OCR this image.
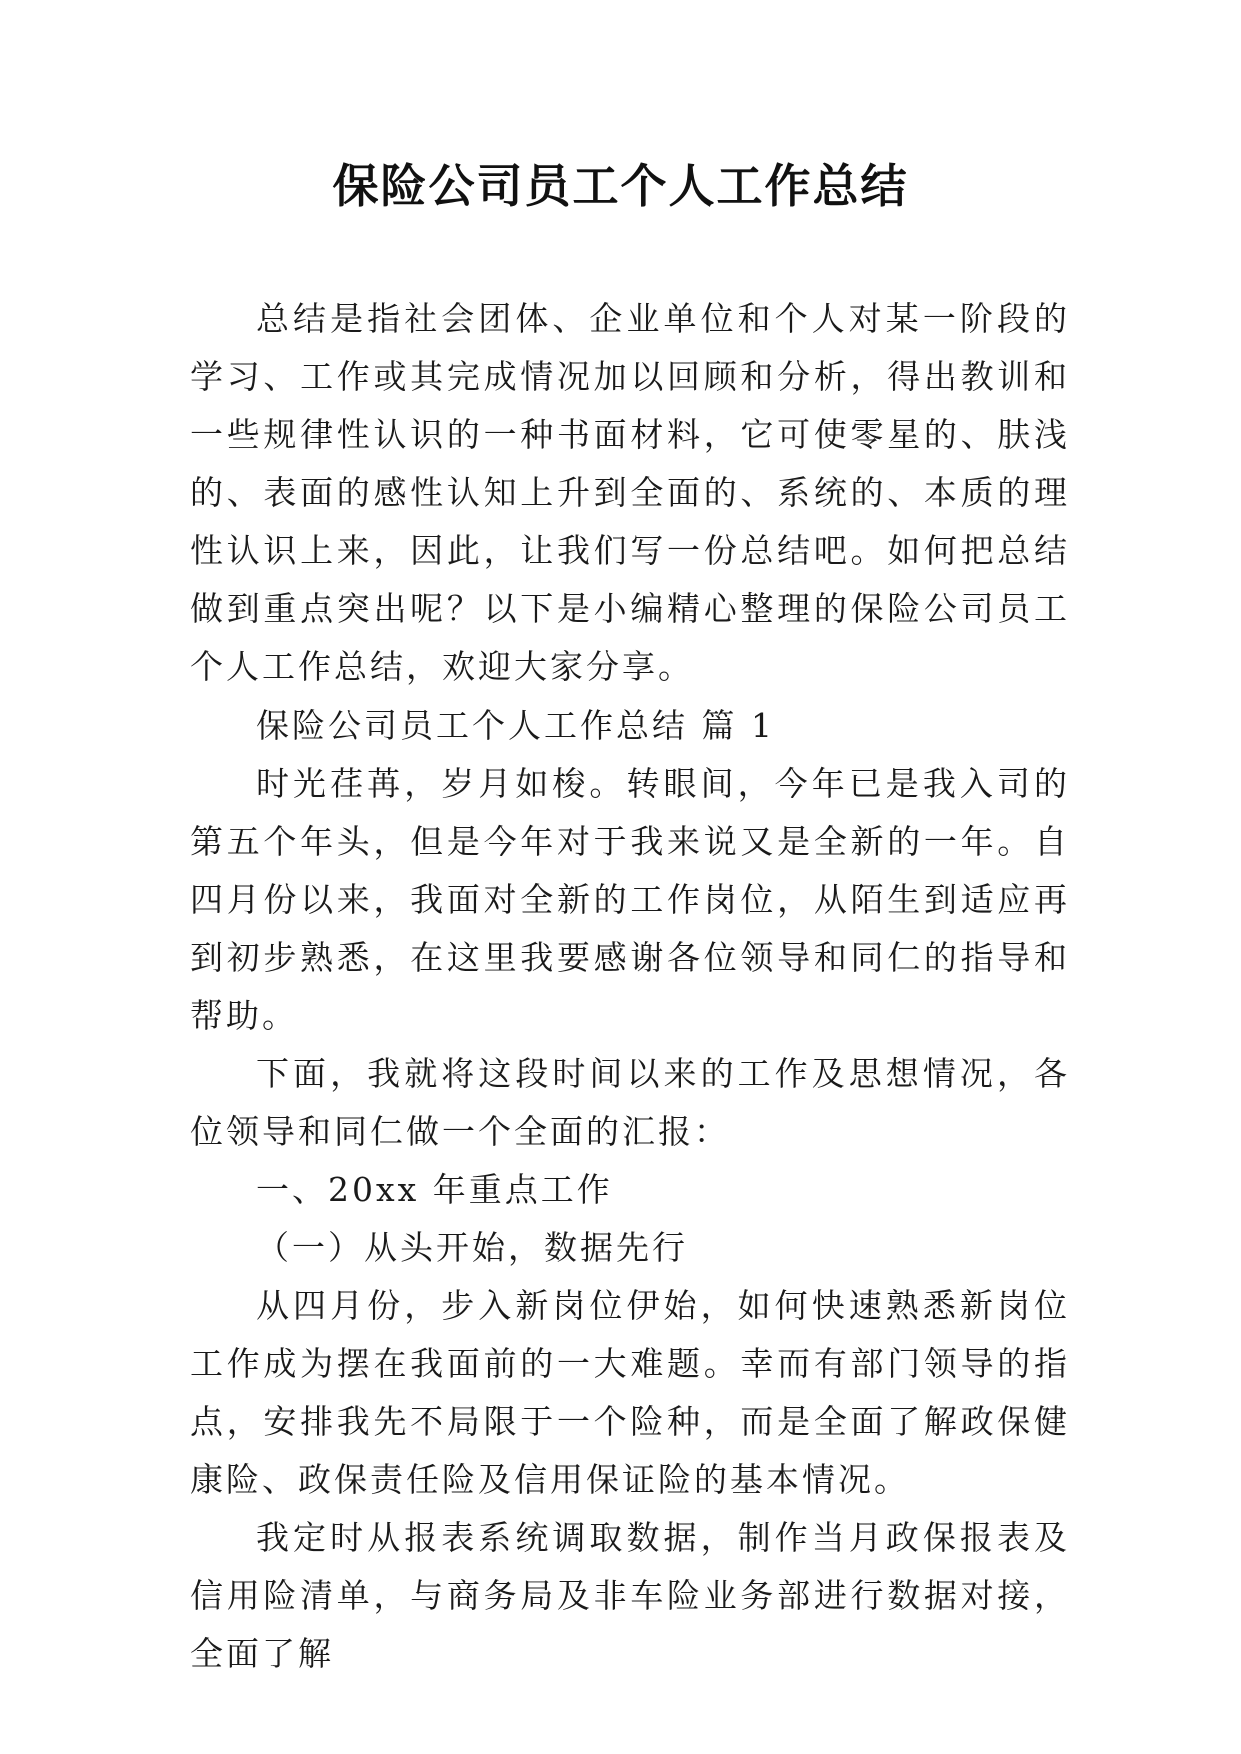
保险公司员工个人工作总结

总结是指社会团体、企业单位和个人对某一阶段的学习、工作或其完成情况加以回顾和分析，得出教训和一些规律性认识的一种书面材料，它可使零星的、肤浅的、表面的感性认知上升到全面的、系统的、本质的理性认识上来，因此，让我们写一份总结吧。如何把总结做到重点突出呢？以下是小编精心整理的保险公司员工个人工作总结，欢迎大家分享。

保险公司员工个人工作总结 篇 1

时光荏苒，岁月如梭。转眼间，今年已是我入司的第五个年头，但是今年对于我来说又是全新的一年。自四月份以来，我面对全新的工作岗位，从陌生到适应再到初步熟悉，在这里我要感谢各位领导和同仁的指导和帮助。

下面，我就将这段时间以来的工作及思想情况，各位领导和同仁做一个全面的汇报：

一、20xx 年重点工作

（一）从头开始，数据先行

从四月份，步入新岗位伊始，如何快速熟悉新岗位工作成为摆在我面前的一大难题。幸而有部门领导的指点，安排我先不局限于一个险种，而是全面了解政保健康险、政保责任险及信用保证险的基本情况。

我定时从报表系统调取数据，制作当月政保报表及信用险清单，与商务局及非车险业务部进行数据对接，全面了解
